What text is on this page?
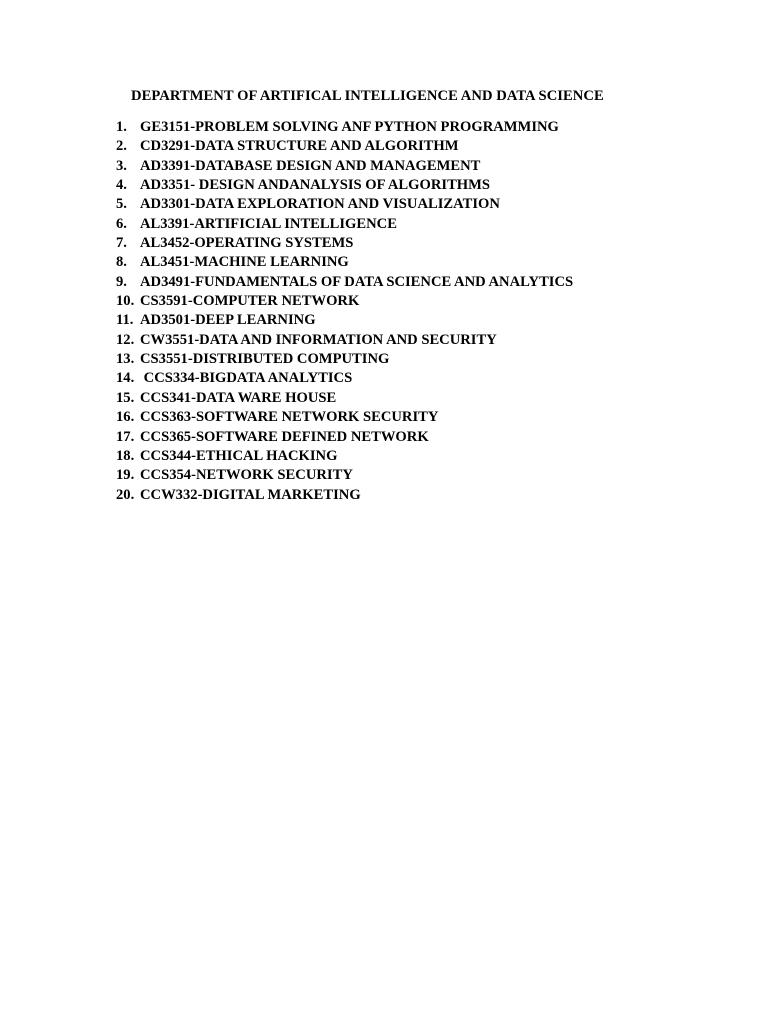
DEPARTMENT OF ARTIFICAL INTELLIGENCE AND DATA SCIENCE
1. GE3151-PROBLEM SOLVING ANF PYTHON PROGRAMMING
2. CD3291-DATA STRUCTURE AND ALGORITHM
3. AD3391-DATABASE DESIGN AND MANAGEMENT
4. AD3351- DESIGN ANDANALYSIS OF ALGORITHMS
5. AD3301-DATA EXPLORATION AND VISUALIZATION
6. AL3391-ARTIFICIAL INTELLIGENCE
7. AL3452-OPERATING SYSTEMS
8. AL3451-MACHINE LEARNING
9. AD3491-FUNDAMENTALS OF DATA SCIENCE AND ANALYTICS
10. CS3591-COMPUTER NETWORK
11. AD3501-DEEP LEARNING
12. CW3551-DATA AND INFORMATION AND SECURITY
13. CS3551-DISTRIBUTED COMPUTING
14. CCS334-BIGDATA ANALYTICS
15. CCS341-DATA WARE HOUSE
16. CCS363-SOFTWARE NETWORK SECURITY
17. CCS365-SOFTWARE DEFINED NETWORK
18. CCS344-ETHICAL HACKING
19. CCS354-NETWORK SECURITY
20. CCW332-DIGITAL MARKETING
